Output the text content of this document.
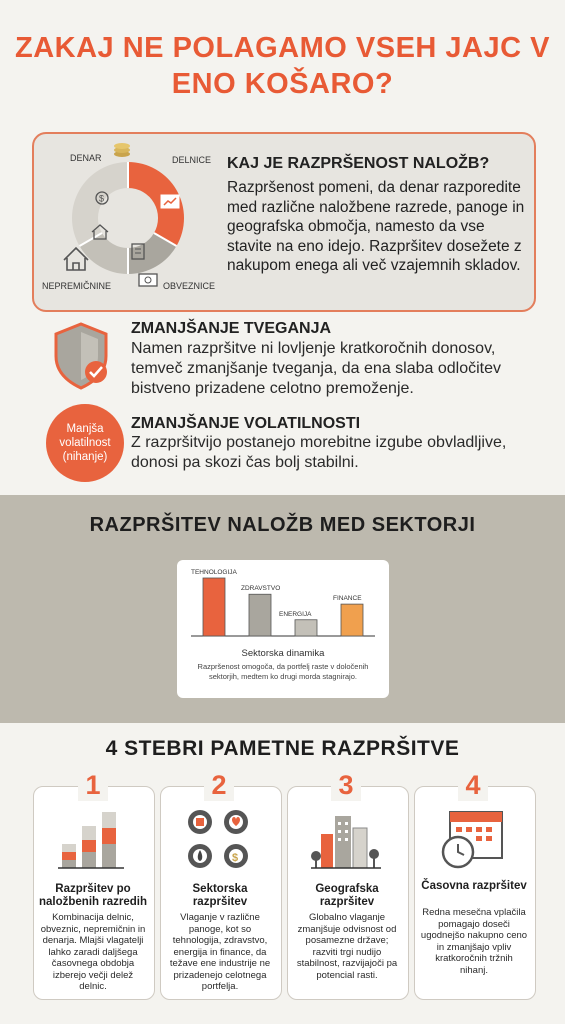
ZAKAJ NE POLAGAMO VSEH JAJC V
ENO KOŠARO?
$
DENAR	DELNICE
NEPREMIČNINE	OBVEZNICE
KAJ JE RAZPRŠENOST NALOŽB?
Razpršenost pomeni, da denar razporedite med različne naložbene razrede, panoge in geografska območja, namesto da vse stavite na eno idejo. Razpršitev dosežete z nakupom enega ali več vzajemnih skladov.
ZMANJŠANJE TVEGANJA
Namen razpršitve ni lovljenje kratkoročnih donosov, temveč zmanjšanje tveganja, da ena slaba odločitev bistveno prizadene celotno premoženje.
Manjša
volatilnost
(nihanje)
ZMANJŠANJE VOLATILNOSTI
Z razpršitvijo postanejo morebitne izgube obvladljive, donosi pa skozi čas bolj stabilni.
RAZPRŠITEV NALOŽB MED SEKTORJI
TEHNOLOGIJA
ZDRAVSTVO
ENERGIJA
FINANCE
Sektorska dinamika
Razpršenost omogoča, da portfelj raste v določenih sektorjih, medtem ko drugi morda stagnirajo.
4 STEBRI PAMETNE RAZPRŠITVE
1
Razpršitev po naložbenih razredih
Kombinacija delnic, obveznic, nepremičnin in denarja. Mlajši vlagatelji lahko zaradi daljšega časovnega obdobja izberejo večji delež delnic.
2
$
Sektorska razpršitev
Vlaganje v različne panoge, kot so tehnologija, zdravstvo, energija in finance, da težave ene industrije ne prizadenejo celotnega portfelja.
3
Geografska razpršitev
Globalno vlaganje zmanjšuje odvisnost od posamezne države; razviti trgi nudijo stabilnost, razvijajoči pa potencial rasti.
4
Časovna razpršitev
Redna mesečna vplačila pomagajo doseči ugodnejšo nakupno ceno in zmanjšajo vpliv kratkoročnih tržnih nihanj.
